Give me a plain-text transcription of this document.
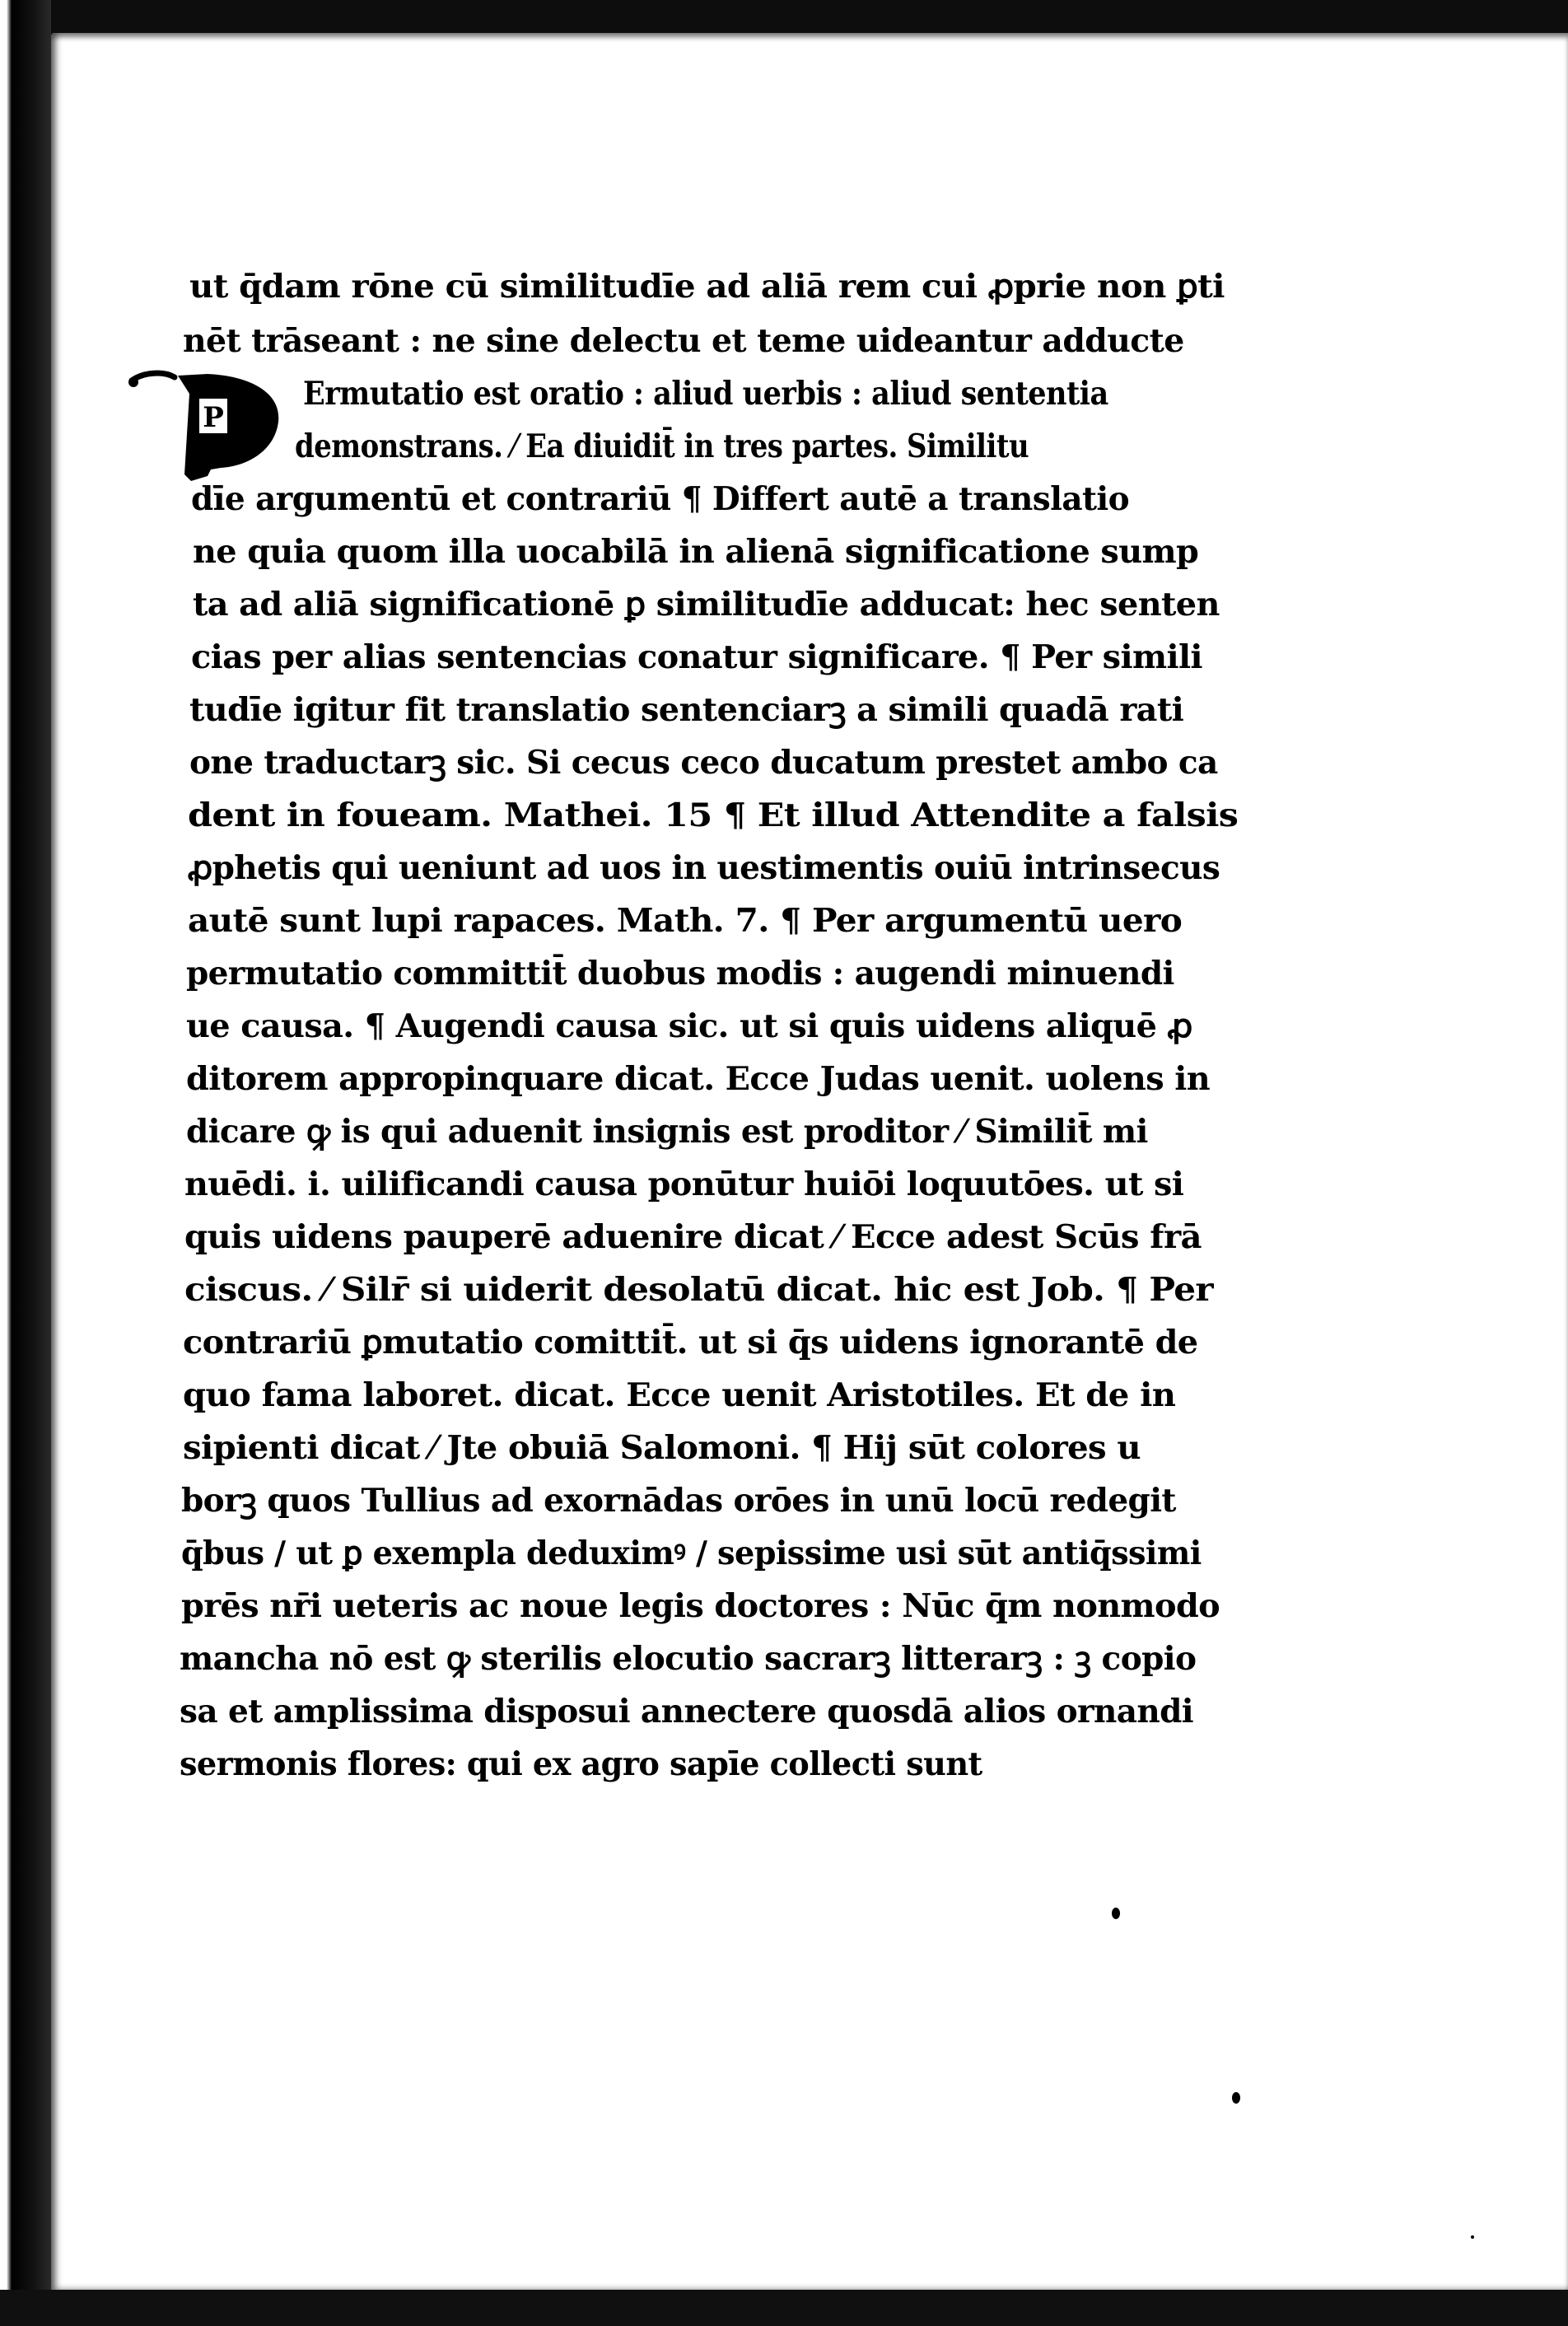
P
ut q̄dam rōne cū similitudīe ad aliā rem cui ꝓprie non ꝑti
nēt trāseant : ne sine delectu et teme uideantur adducte
Ermutatio est oratio : aliud uerbis : aliud sententia
demonstrans. ⁄ Ea diuidit̄ in tres partes. Similitu
dīe argumentū et contrariū ¶ Differt autē a translatio
ne quia quom illa uocabilā in alienā significatione sump
ta ad aliā significationē ꝑ similitudīe adducat: hec senten
cias per alias sentencias conatur significare. ¶ Per simili
tudīe igitur fit translatio sentenciarꝫ a simili quadā rati
one traductarꝫ sic. Si cecus ceco ducatum prestet ambo ca
dent in foueam. Mathei. 15 ¶ Et illud Attendite a falsis
ꝓphetis qui ueniunt ad uos in uestimentis ouiū intrinsecus
autē sunt lupi rapaces. Math. 7. ¶ Per argumentū uero
permutatio committit̄ duobus modis : augendi minuendi
ue causa. ¶ Augendi causa sic. ut si quis uidens aliquē ꝓ
ditorem appropinquare dicat. Ecce Judas uenit. uolens in
dicare ꝙ is qui aduenit insignis est proditor ⁄ Similit̄ mi
nuēdi. i. uilificandi causa ponūtur huiōi loquutōes. ut si
quis uidens pauperē aduenire dicat ⁄ Ecce adest Scūs frā
ciscus. ⁄ Silr̄ si uiderit desolatū dicat. hic est Job. ¶ Per
contrariū ꝑmutatio comittit̄. ut si q̄s uidens ignorantē de
quo fama laboret. dicat. Ecce uenit Aristotiles. Et de in
sipienti dicat ⁄ Jte obuiā Salomoni. ¶ Hij sūt colores u
borꝫ quos Tullius ad exornādas orōes in unū locū redegit
q̄bus / ut ꝑ exempla deduximꝰ / sepissime usi sūt antiq̄ssimi
prēs nr̄i ueteris ac noue legis doctores : Nūc q̄m nonmodo
mancha nō est ꝙ sterilis elocutio sacrarꝫ litterarꝫ : ꝫ copio
sa et amplissima disposui annectere quosdā alios ornandi
sermonis flores: qui ex agro sapīe collecti sunt
